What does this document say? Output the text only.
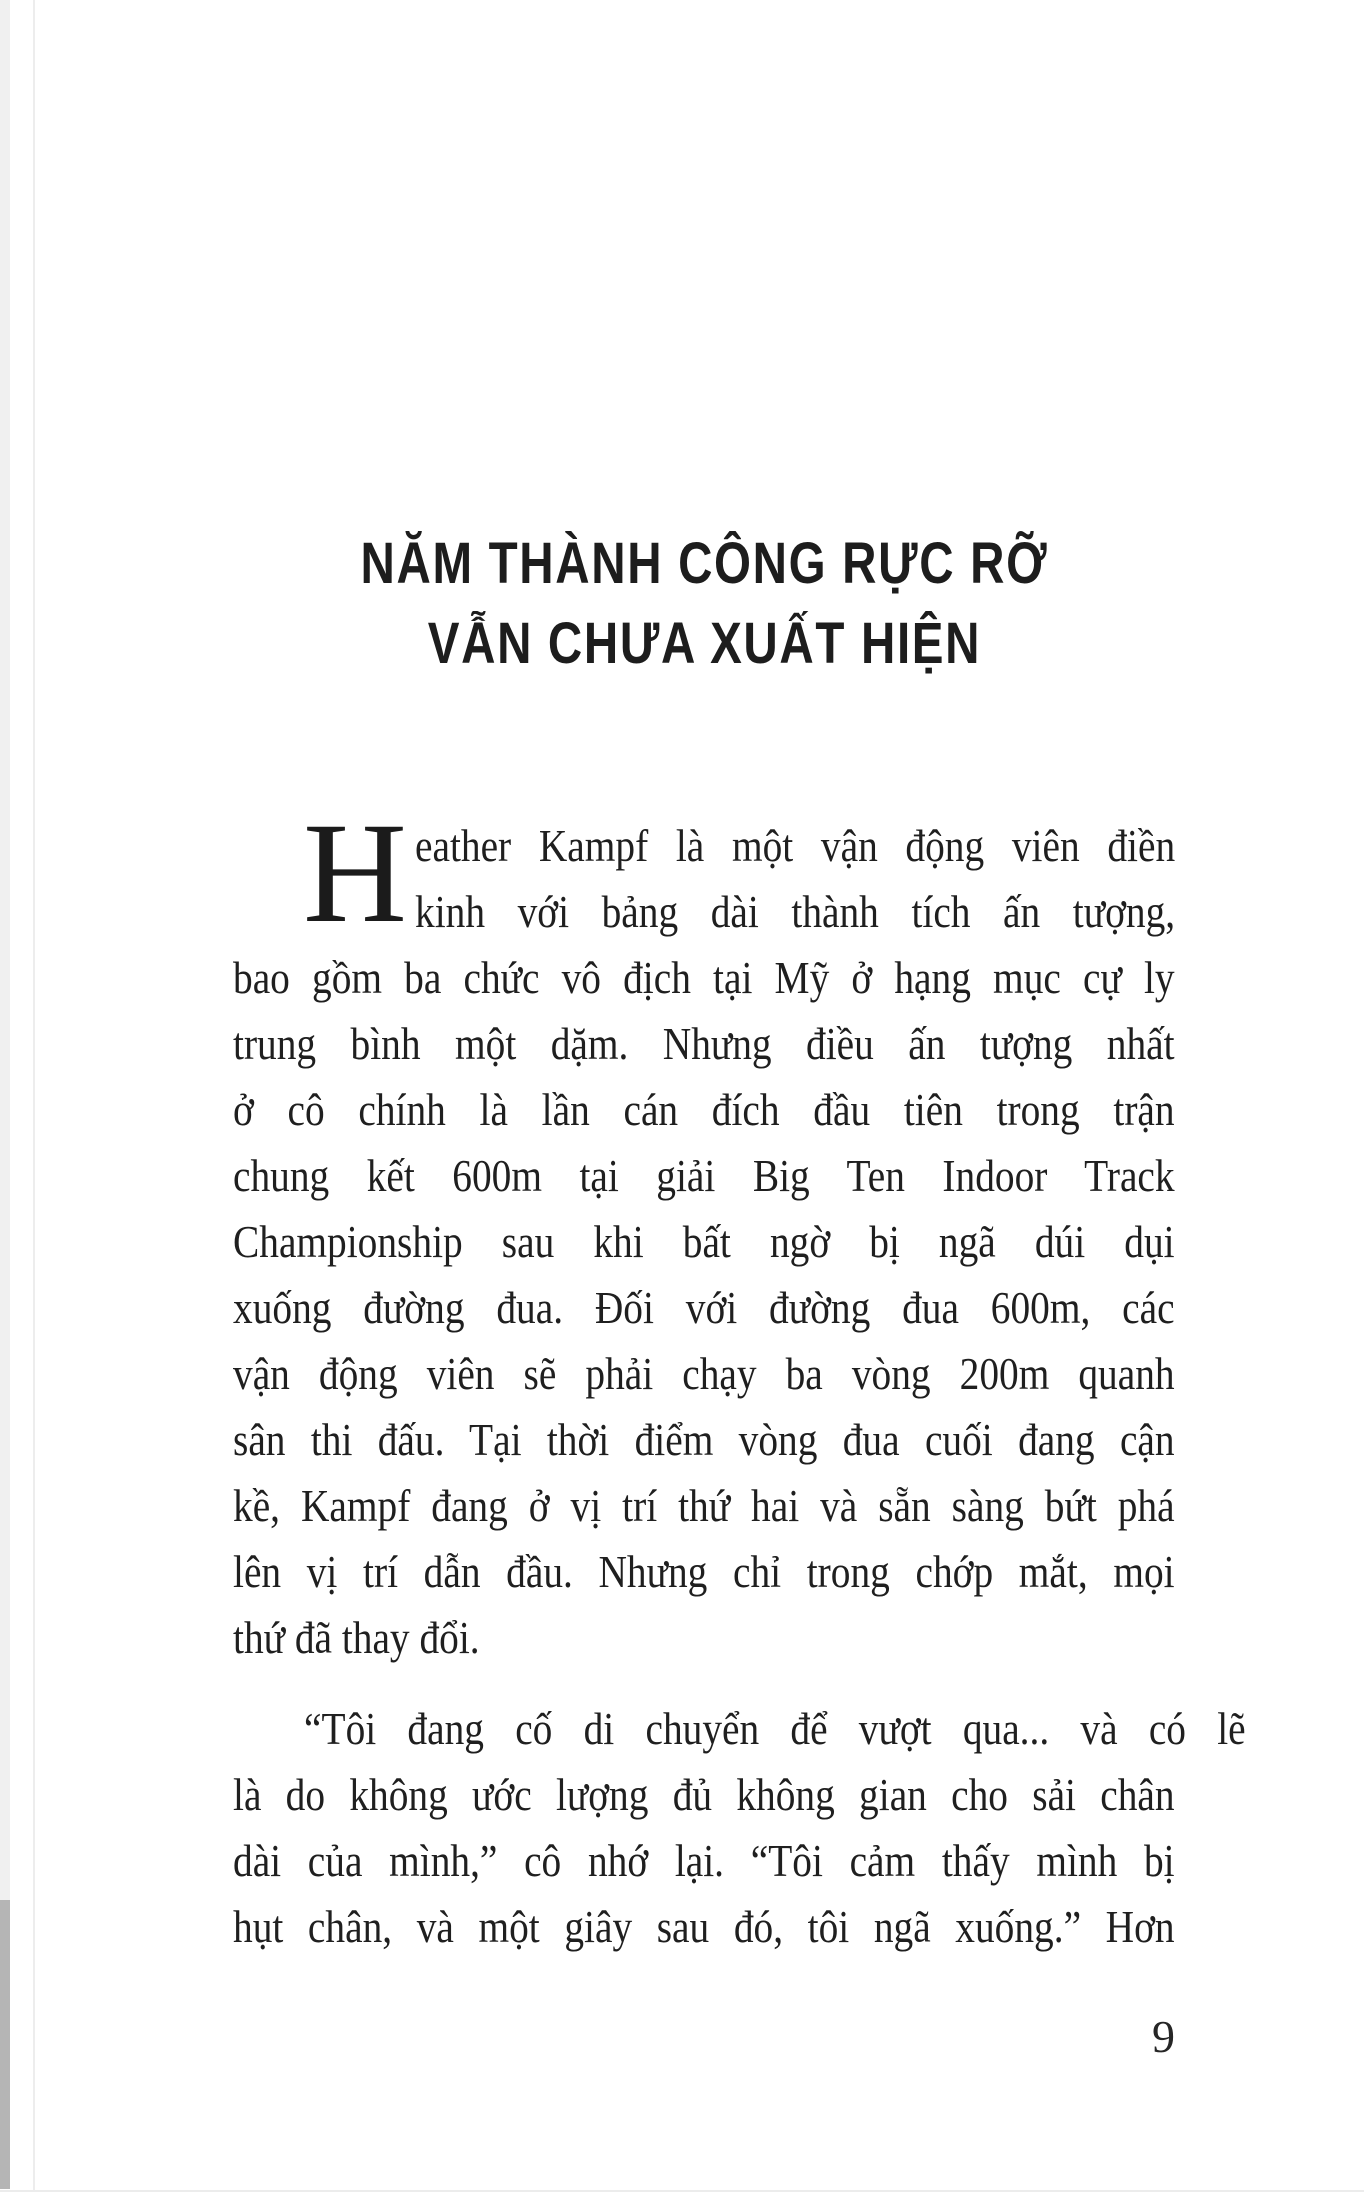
NĂM THÀNH CÔNG RỰC RỠ
VẪN CHƯA XUẤT HIỆN
H eather Kampf là một vận động viên điền
kinh với bảng dài thành tích ấn tượng,
bao gồm ba chức vô địch tại Mỹ ở hạng mục cự ly
trung bình một dặm. Nhưng điều ấn tượng nhất
ở cô chính là lần cán đích đầu tiên trong trận
chung kết 600m tại giải Big Ten Indoor Track
Championship sau khi bất ngờ bị ngã dúi dụi
xuống đường đua. Đối với đường đua 600m, các
vận động viên sẽ phải chạy ba vòng 200m quanh
sân thi đấu. Tại thời điểm vòng đua cuối đang cận
kề, Kampf đang ở vị trí thứ hai và sẵn sàng bứt phá
lên vị trí dẫn đầu. Nhưng chỉ trong chớp mắt, mọi
thứ đã thay đổi.
“Tôi đang cố di chuyển để vượt qua... và có lẽ
là do không ước lượng đủ không gian cho sải chân
dài của mình,” cô nhớ lại. “Tôi cảm thấy mình bị
hụt chân, và một giây sau đó, tôi ngã xuống.” Hơn
9
